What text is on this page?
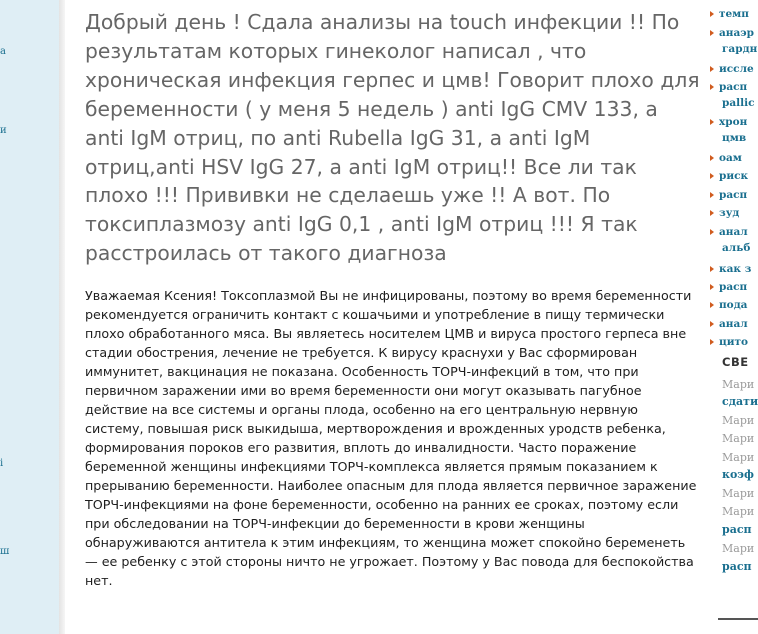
а
и
і
ш
Добрый день ! Сдала анализы на touch инфекции !! По результатам которых гинеколог написал , что хроническая инфекция герпес и цмв! Говорит плохо для беременности ( у меня 5 недель ) anti IgG CMV 133, а anti IgM отриц, по anti Rubella IgG 31, а anti IgM отриц,anti HSV IgG 27, а anti IgM отриц!! Все ли так плохо !!! Прививки не сделаешь уже !! А вот. По токсиплазмозу anti IgG 0,1 , anti IgM отриц !!! Я так расстроилась от такого диагноза

Уважаемая Ксения! Токсоплазмой Вы не инфицированы, поэтому во время беременности рекомендуется ограничить контакт с кошачьими и употребление в пищу термически плохо обработанного мяса. Вы являетесь носителем ЦМВ и вируса простого герпеса вне стадии обострения, лечение не требуется. К вирусу краснухи у Вас сформирован иммунитет, вакцинация не показана. Особенность ТОРЧ-инфекций в том, что при первичном заражении ими во время беременности они могут оказывать пагубное действие на все системы и органы плода, особенно на его центральную нервную систему, повышая риск выкидыша, мертворождения и врожденных уродств ребенка, формирования пороков его развития, вплоть до инвалидности. Часто поражение беременной женщины инфекциями ТОРЧ-комплекса является прямым показанием к прерыванию беременности. Наиболее опасным для плода является первичное заражение ТОРЧ-инфекциями на фоне беременности, особенно на ранних ее сроках, поэтому если при обследовании на ТОРЧ-инфекции до беременности в крови женщины обнаруживаются антитела к этим инфекциям, то женщина может спокойно беременеть — ее ребенку с этой стороны ничто не угрожает. Поэтому у Вас повода для беспокойства нет.

темп
анаэр
гардн
иссле
расп
pallic
хрон
цмв
оам
риск
расп
зуд
анал
альб
как з
расп
пода
анал
цито
СВЕ
Мари
сдати
Мари
Мари
Мари
коэф
Мари
Мари
расп
Мари
расп
